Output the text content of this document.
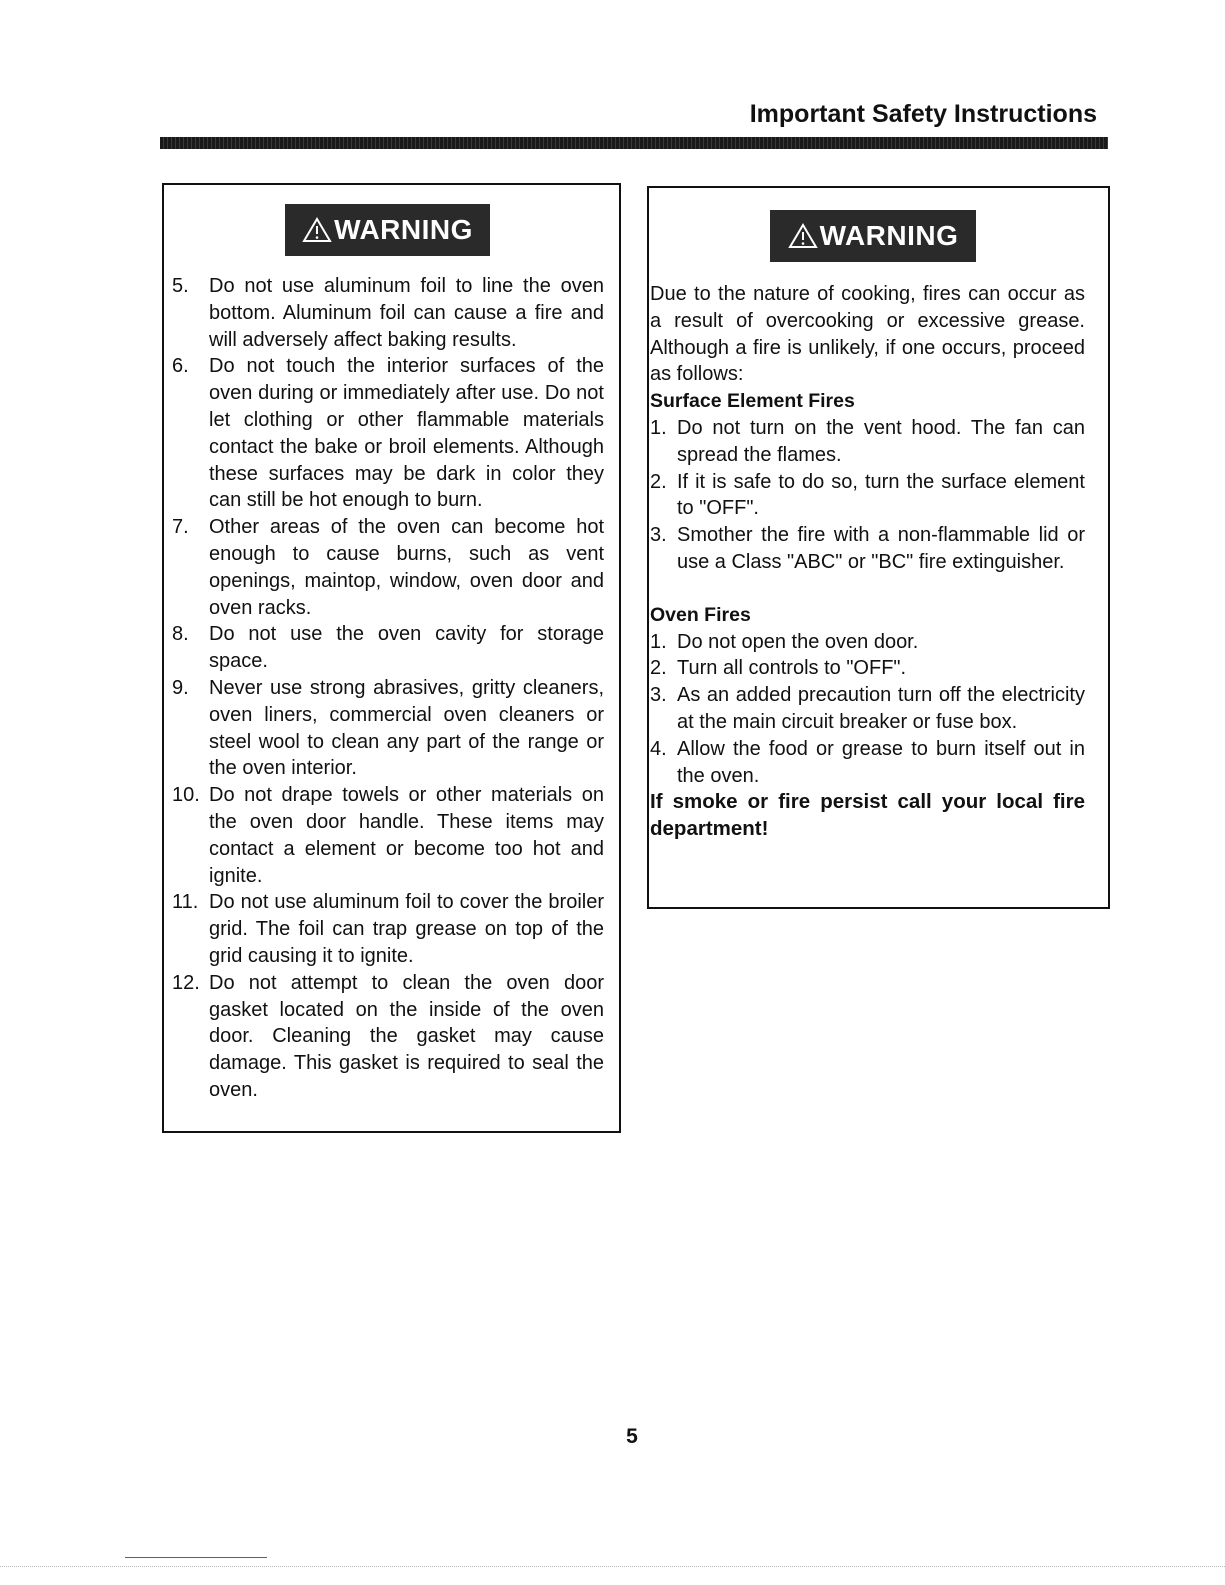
Important Safety Instructions
WARNING
5.	Do not use aluminum foil to line the oven bottom. Aluminum foil can cause a fire and will adversely affect baking results.
6.	Do not touch the interior surfaces of the oven during or immediately after use. Do not let clothing or other flammable materials contact the bake or broil elements. Although these surfaces may be dark in color they can still be hot enough to burn.
7.	Other areas of the oven can become hot enough to cause burns, such as vent openings, maintop, window, oven door and oven racks.
8.	Do not use the oven cavity for storage space.
9.	Never use strong abrasives, gritty cleaners, oven liners, commercial oven cleaners or steel wool to clean any part of the range or the oven interior.
10. Do not drape towels or other materials on the oven door handle. These items may contact a element or become too hot and ignite.
11. Do not use aluminum foil to cover the broiler grid. The foil can trap grease on top of the grid causing it to ignite.
12. Do not attempt to clean the oven door gasket located on the inside of the oven door. Cleaning the gasket may cause damage. This gasket is required to seal the oven.
WARNING

Due to the nature of cooking, fires can occur as a result of overcooking or excessive grease. Although a fire is unlikely, if one occurs, proceed as follows:

Surface Element Fires
1. Do not turn on the vent hood. The fan can spread the flames.
2. If it is safe to do so, turn the surface element to "OFF".
3. Smother the fire with a non-flammable lid or use a Class "ABC" or "BC" fire extinguisher.
Oven Fires
1. Do not open the oven door.
2. Turn all controls to "OFF".
3. As an added precaution turn off the electricity at the main circuit breaker or fuse box.
4. Allow the food or grease to burn itself out in the oven.

If smoke or fire persist call your local fire department!

5
